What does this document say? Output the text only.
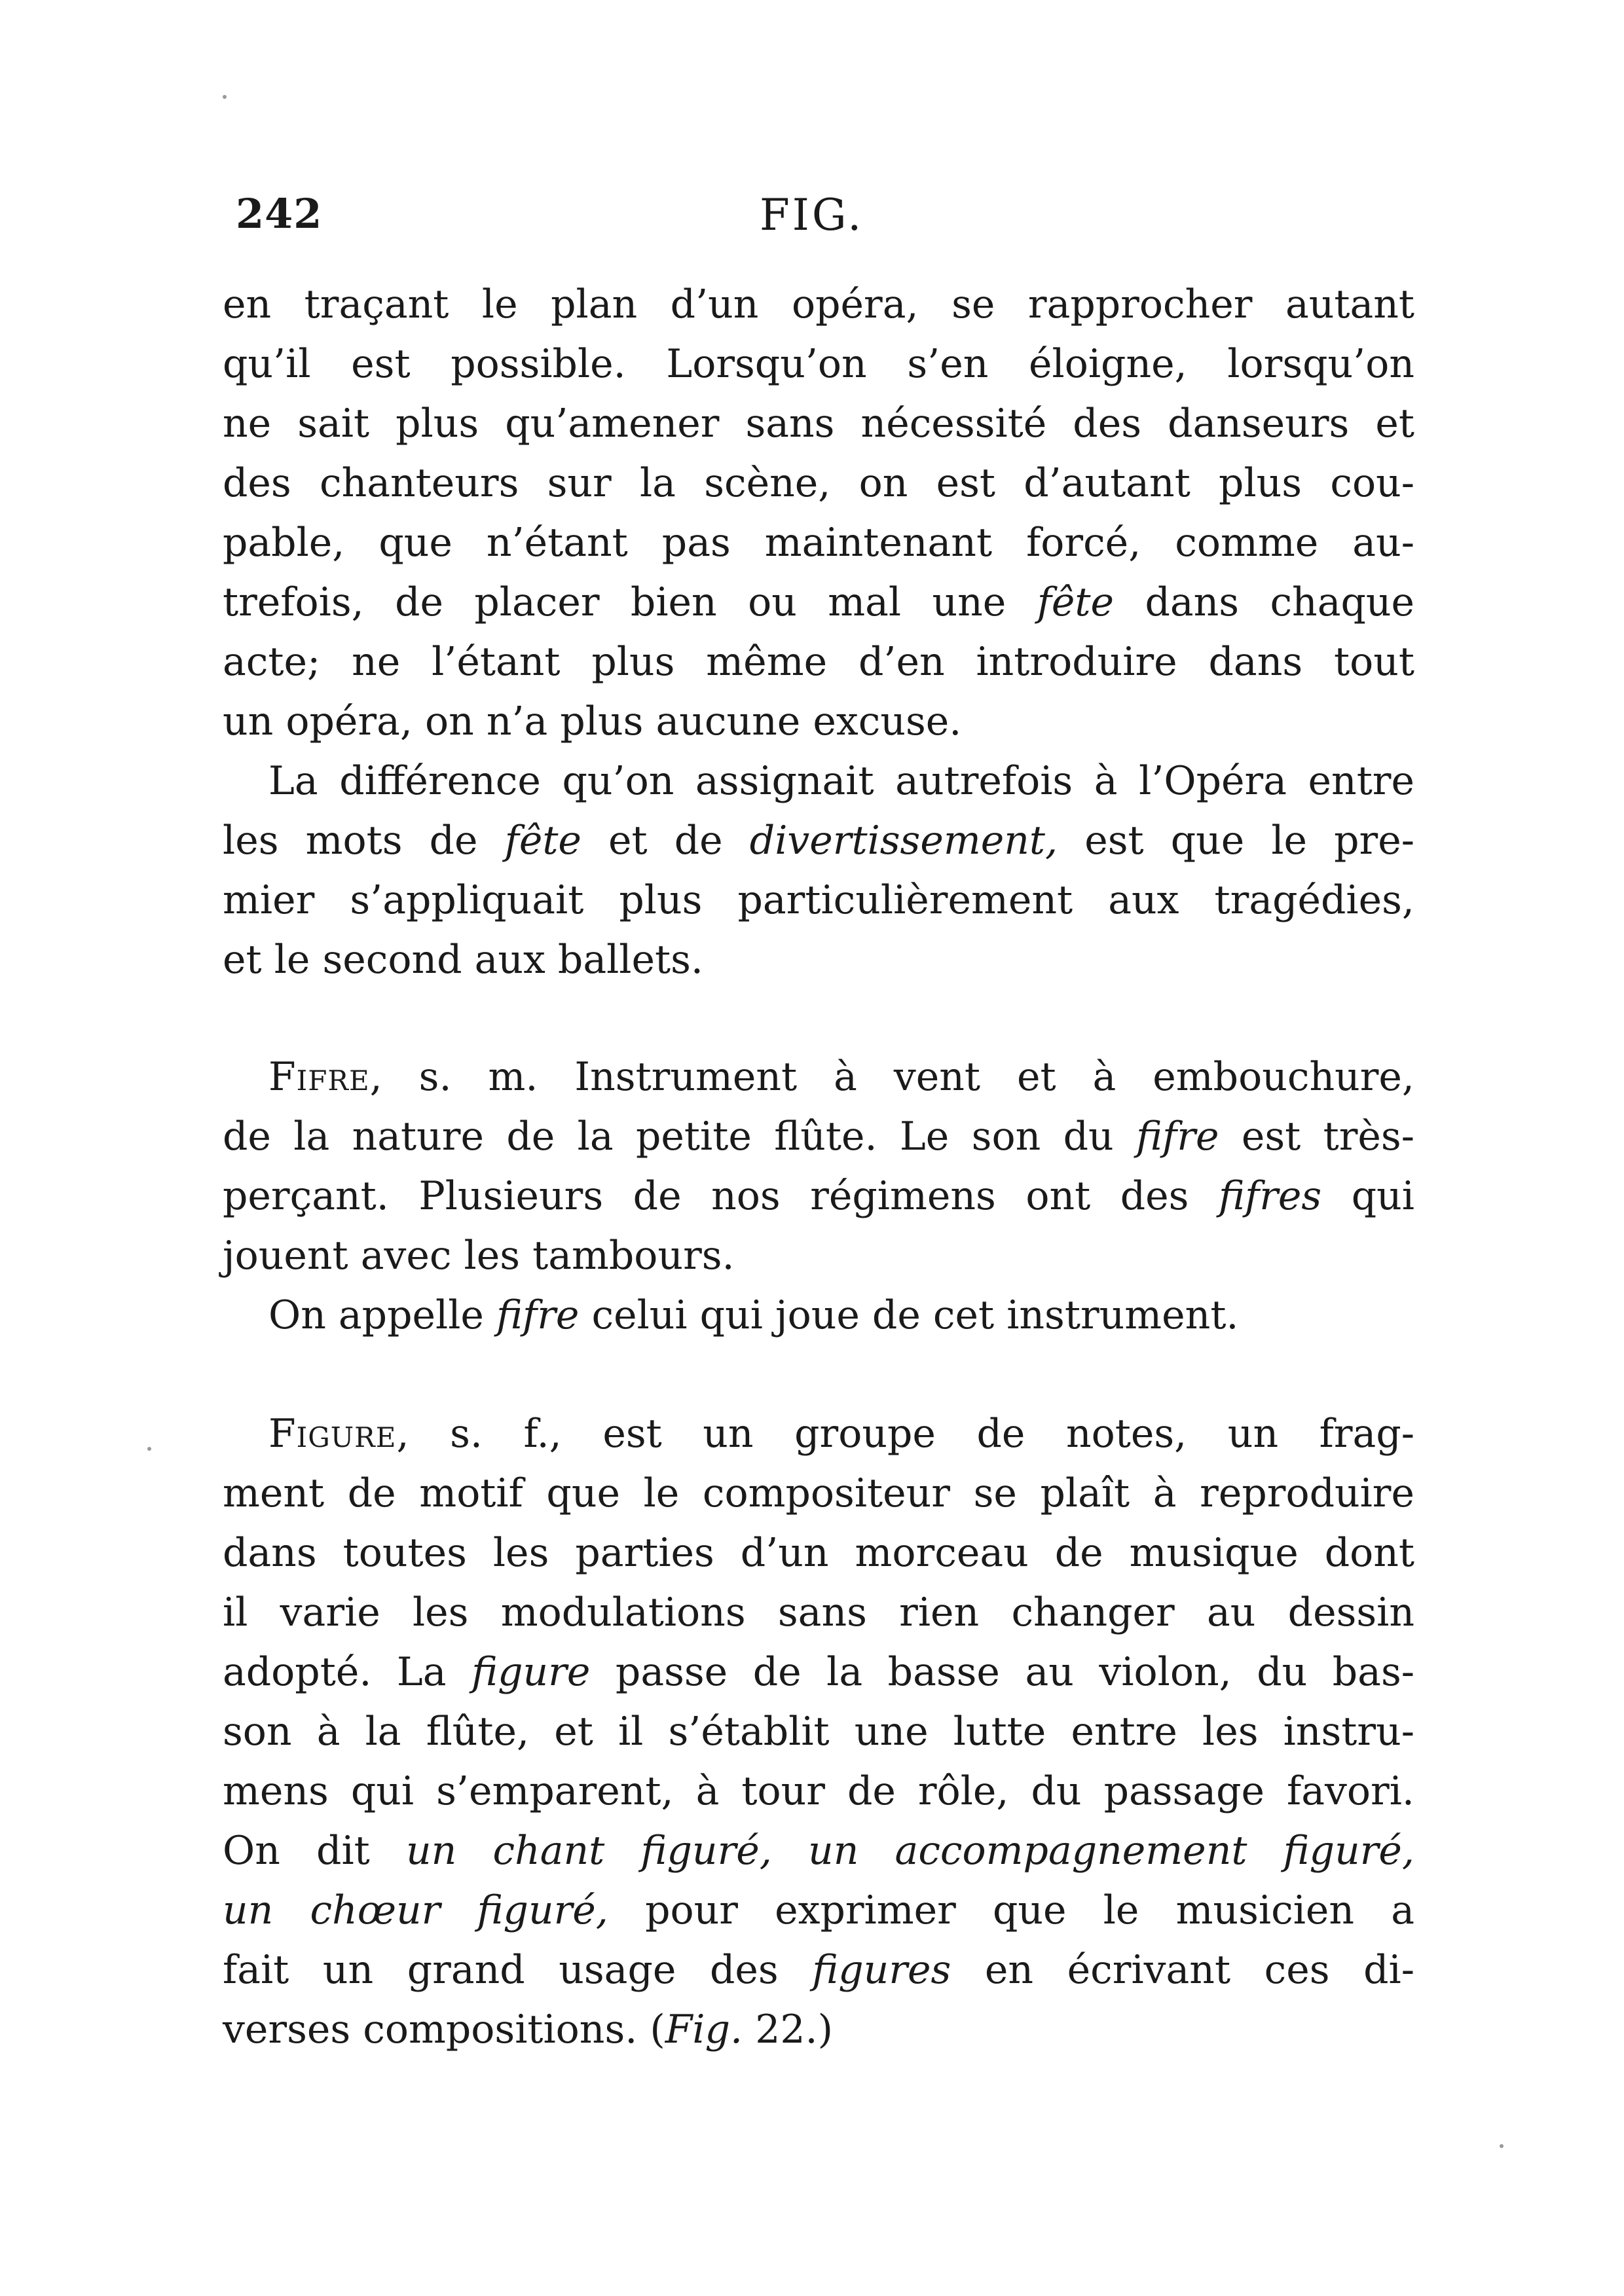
242	FIG.
en traçant le plan d’un opéra, se rapprocher autant
qu’il est possible. Lorsqu’on s’en éloigne, lorsqu’on
ne sait plus qu’amener sans nécessité des danseurs et
des chanteurs sur la scène, on est d’autant plus cou-
pable, que n’étant pas maintenant forcé, comme au-
trefois, de placer bien ou mal une fête dans chaque
acte; ne l’étant plus même d’en introduire dans tout
un opéra, on n’a plus aucune excuse.
La différence qu’on assignait autrefois à l’Opéra entre
les mots de fête et de divertissement, est que le pre-
mier s’appliquait plus particulièrement aux tragédies,
et le second aux ballets.
Fifre, s. m. Instrument à vent et à embouchure,
de la nature de la petite flûte. Le son du fifre est très-
perçant. Plusieurs de nos régimens ont des fifres qui
jouent avec les tambours.
On appelle fifre celui qui joue de cet instrument.
Figure, s. f., est un groupe de notes, un frag-
ment de motif que le compositeur se plaît à reproduire
dans toutes les parties d’un morceau de musique dont
il varie les modulations sans rien changer au dessin
adopté. La figure passe de la basse au violon, du bas-
son à la flûte, et il s’établit une lutte entre les instru-
mens qui s’emparent, à tour de rôle, du passage favori.
On dit un chant figuré, un accompagnement figuré,
un chœur figuré, pour exprimer que le musicien a
fait un grand usage des figures en écrivant ces di-
verses compositions. (Fig. 22.)
